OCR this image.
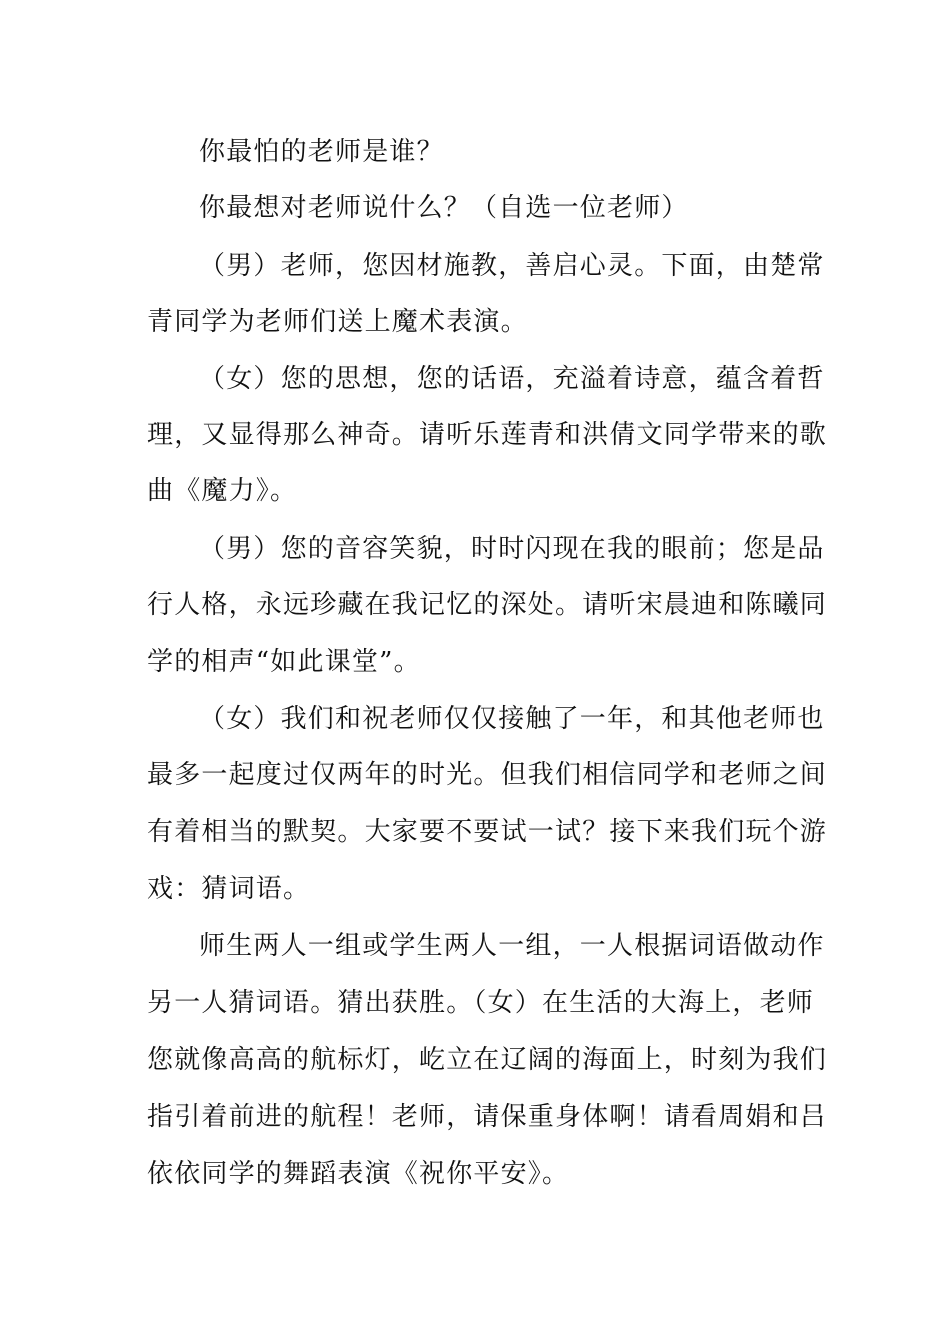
你最怕的老师是谁？
你最想对老师说什么？（自选一位老师）
（男）老师，您因材施教，善启心灵。下面，由楚常
青同学为老师们送上魔术表演。
（女）您的思想，您的话语，充溢着诗意，蕴含着哲
理，又显得那么神奇。请听乐莲青和洪倩文同学带来的歌
曲《魔力》。
（男）您的音容笑貌，时时闪现在我的眼前；您是品
行人格，永远珍藏在我记忆的深处。请听宋晨迪和陈曦同
学的相声“如此课堂”。
（女）我们和祝老师仅仅接触了一年，和其他老师也
最多一起度过仅两年的时光。但我们相信同学和老师之间
有着相当的默契。大家要不要试一试？接下来我们玩个游
戏：猜词语。
师生两人一组或学生两人一组，一人根据词语做动作
另一人猜词语。猜出获胜。（女）在生活的大海上，老师
您就像高高的航标灯，屹立在辽阔的海面上，时刻为我们
指引着前进的航程！老师，请保重身体啊！请看周娟和吕
依依同学的舞蹈表演《祝你平安》。
